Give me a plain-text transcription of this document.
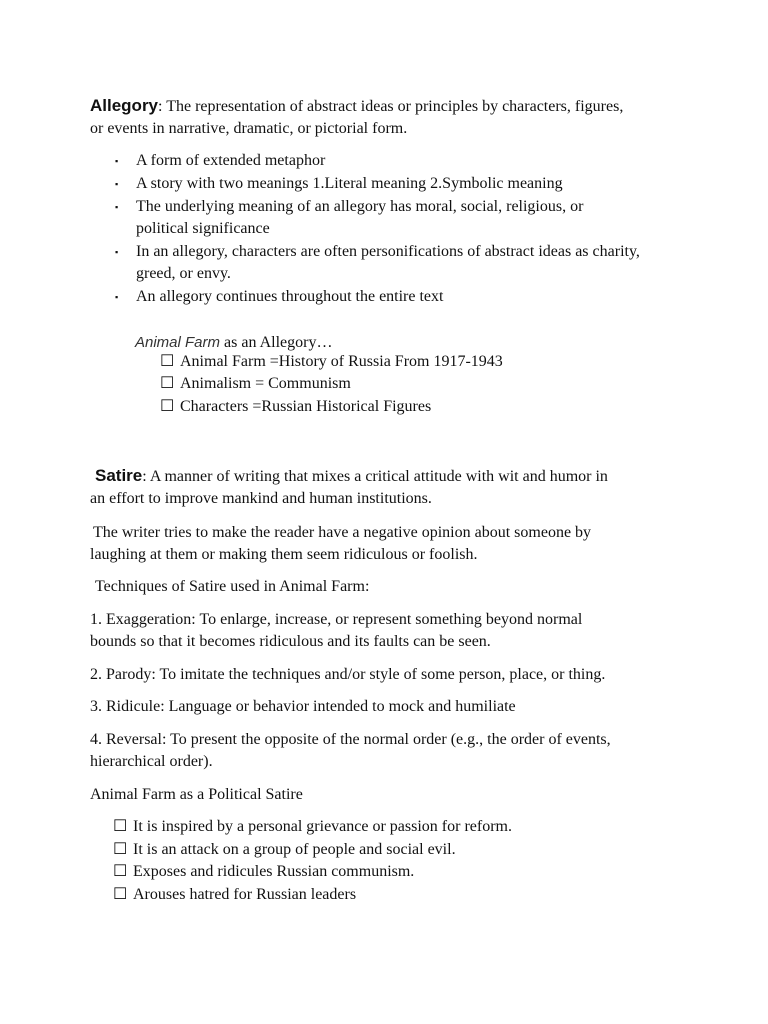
Allegory: The representation of abstract ideas or principles by characters, figures,
or events in narrative, dramatic, or pictorial form.
▪ A form of extended metaphor
▪ A story with two meanings 1.Literal meaning 2.Symbolic meaning
▪ The underlying meaning of an allegory has moral, social, religious, or political significance
▪ In an allegory, characters are often personifications of abstract ideas as charity, greed, or envy.
▪ An allegory continues throughout the entire text
Animal Farm as an Allegory…
☐ Animal Farm =History of Russia From 1917-1943
☐ Animalism = Communism
☐ Characters =Russian Historical Figures
Satire: A manner of writing that mixes a critical attitude with wit and humor in
an effort to improve mankind and human institutions.
The writer tries to make the reader have a negative opinion about someone by
laughing at them or making them seem ridiculous or foolish.
Techniques of Satire used in Animal Farm:
1. Exaggeration: To enlarge, increase, or represent something beyond normal
bounds so that it becomes ridiculous and its faults can be seen.
2. Parody: To imitate the techniques and/or style of some person, place, or thing.
3. Ridicule: Language or behavior intended to mock and humiliate
4. Reversal: To present the opposite of the normal order (e.g., the order of events,
hierarchical order).
Animal Farm as a Political Satire
☐ It is inspired by a personal grievance or passion for reform.
☐ It is an attack on a group of people and social evil.
☐ Exposes and ridicules Russian communism.
☐ Arouses hatred for Russian leaders
